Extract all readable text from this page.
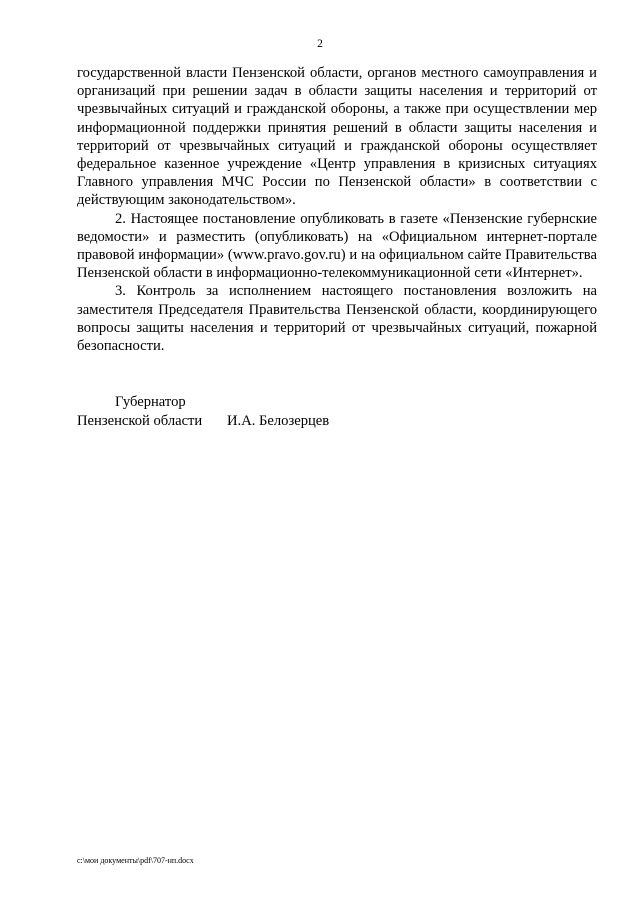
2

государственной власти Пензенской области, органов местного самоуправления и организаций при решении задач в области защиты населения и территорий от чрезвычайных ситуаций и гражданской обороны, а также при осуществлении мер информационной поддержки принятия решений в области защиты населения и территорий от чрезвычайных ситуаций и гражданской обороны осуществляет федеральное казенное учреждение «Центр управления в кризисных ситуациях Главного управления МЧС России по Пензенской области» в соответствии с действующим законодательством».

2. Настоящее постановление опубликовать в газете «Пензенские губернские ведомости» и разместить (опубликовать) на «Официальном интернет-портале правовой информации» (www.pravo.gov.ru) и на официальном сайте Правительства Пензенской области в информационно-телекоммуникационной сети «Интернет».

3. Контроль за исполнением настоящего постановления возложить на заместителя Председателя Правительства Пензенской области, координирующего вопросы защиты населения и территорий от чрезвычайных ситуаций, пожарной безопасности.

Губернатор
Пензенской области	И.А. Белозерцев
c:\мои документы\pdf\707-нп.docx
